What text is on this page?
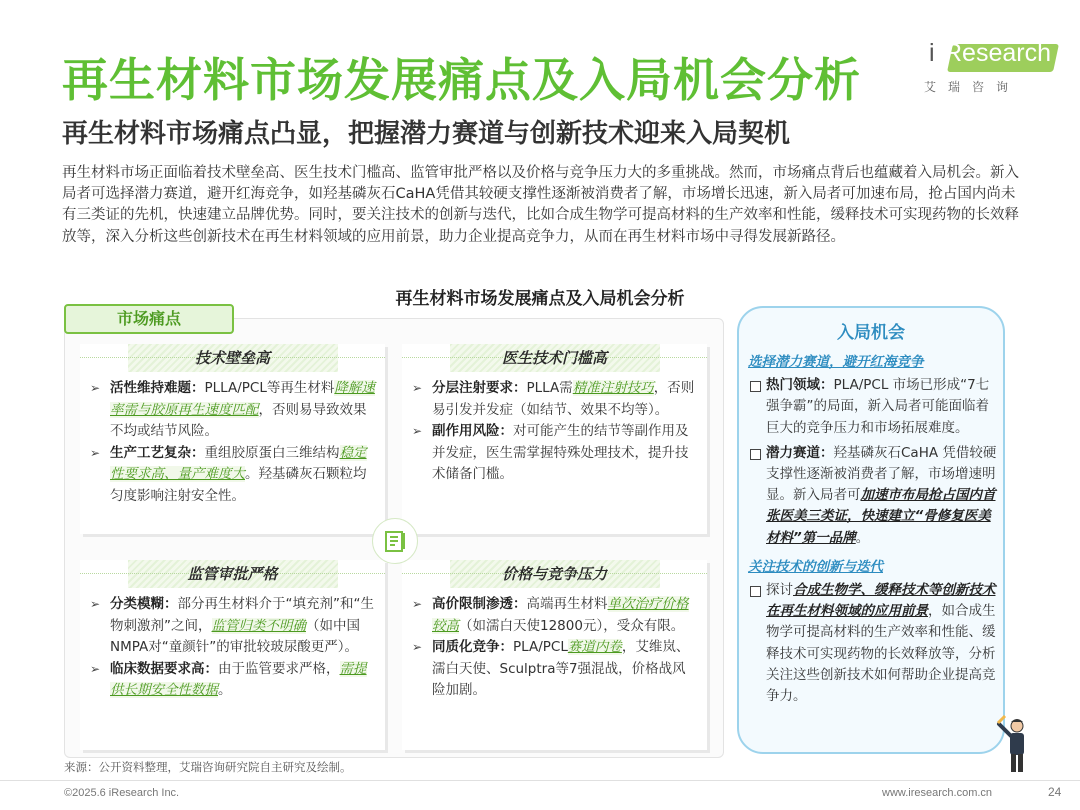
再生材料市场发展痛点及入局机会分析	i Research
艾瑞咨询
再生材料市场痛点凸显，把握潜力赛道与创新技术迎来入局契机

再生材料市场正面临着技术壁垒高、医生技术门槛高、监管审批严格以及价格与竞争压力大的多重挑战。然而，市场痛点背后也蕴藏着入局机会。新入局者可选择潜力赛道，避开红海竞争，如羟基磷灰石CaHA凭借其较硬支撑性逐渐被消费者了解，市场增长迅速，新入局者可加速布局，抢占国内尚未有三类证的先机，快速建立品牌优势。同时，要关注技术的创新与迭代，比如合成生物学可提高材料的生产效率和性能，缓释技术可实现药物的长效释放等，深入分析这些创新技术在再生材料领域的应用前景，助力企业提高竞争力，从而在再生材料市场中寻得发展新路径。

再生材料市场发展痛点及入局机会分析
市场痛点
技术壁垒高
➢ 活性维持难题：PLLA/PCL等再生材料降解速率需与胶原再生速度匹配，否则易导致效果不均或结节风险。
➢ 生产工艺复杂：重组胶原蛋白三维结构稳定性要求高、量产难度大。羟基磷灰石颗粒均匀度影响注射安全性。
医生技术门槛高
➢ 分层注射要求：PLLA需精准注射技巧，否则易引发并发症（如结节、效果不均等）。
➢ 副作用风险：对可能产生的结节等副作用及并发症，医生需掌握特殊处理技术，提升技术储备门槛。
监管审批严格
➢ 分类模糊：部分再生材料介于“填充剂”和“生物刺激剂”之间，监管归类不明确（如中国NMPA对“童颜针”的审批较玻尿酸更严）。
➢ 临床数据要求高：由于监管要求严格，需提供长期安全性数据。
价格与竞争压力
➢ 高价限制渗透：高端再生材料单次治疗价格较高（如濡白天使12800元），受众有限。
➢ 同质化竞争：PLA/PCL赛道内卷，艾维岚、濡白天使、Sculptra等7强混战，价格战风险加剧。
入局机会
选择潜力赛道，避开红海竞争
热门领域：PLA/PCL 市场已形成“7七强争霸”的局面，新入局者可能面临着巨大的竞争压力和市场拓展难度。
潜力赛道：羟基磷灰石CaHA 凭借较硬支撑性逐渐被消费者了解，市场增速明显。新入局者可加速市布局抢占国内首张医美三类证，快速建立“骨修复医美材料”第一品牌。
关注技术的创新与迭代
探讨合成生物学、缓释技术等创新技术在再生材料领域的应用前景，如合成生物学可提高材料的生产效率和性能、缓释技术可实现药物的长效释放等，分析关注这些创新技术如何帮助企业提高竞争力。
来源：公开资料整理，艾瑞咨询研究院自主研究及绘制。
©2025.6 iResearch Inc.	www.iresearch.com.cn	24
